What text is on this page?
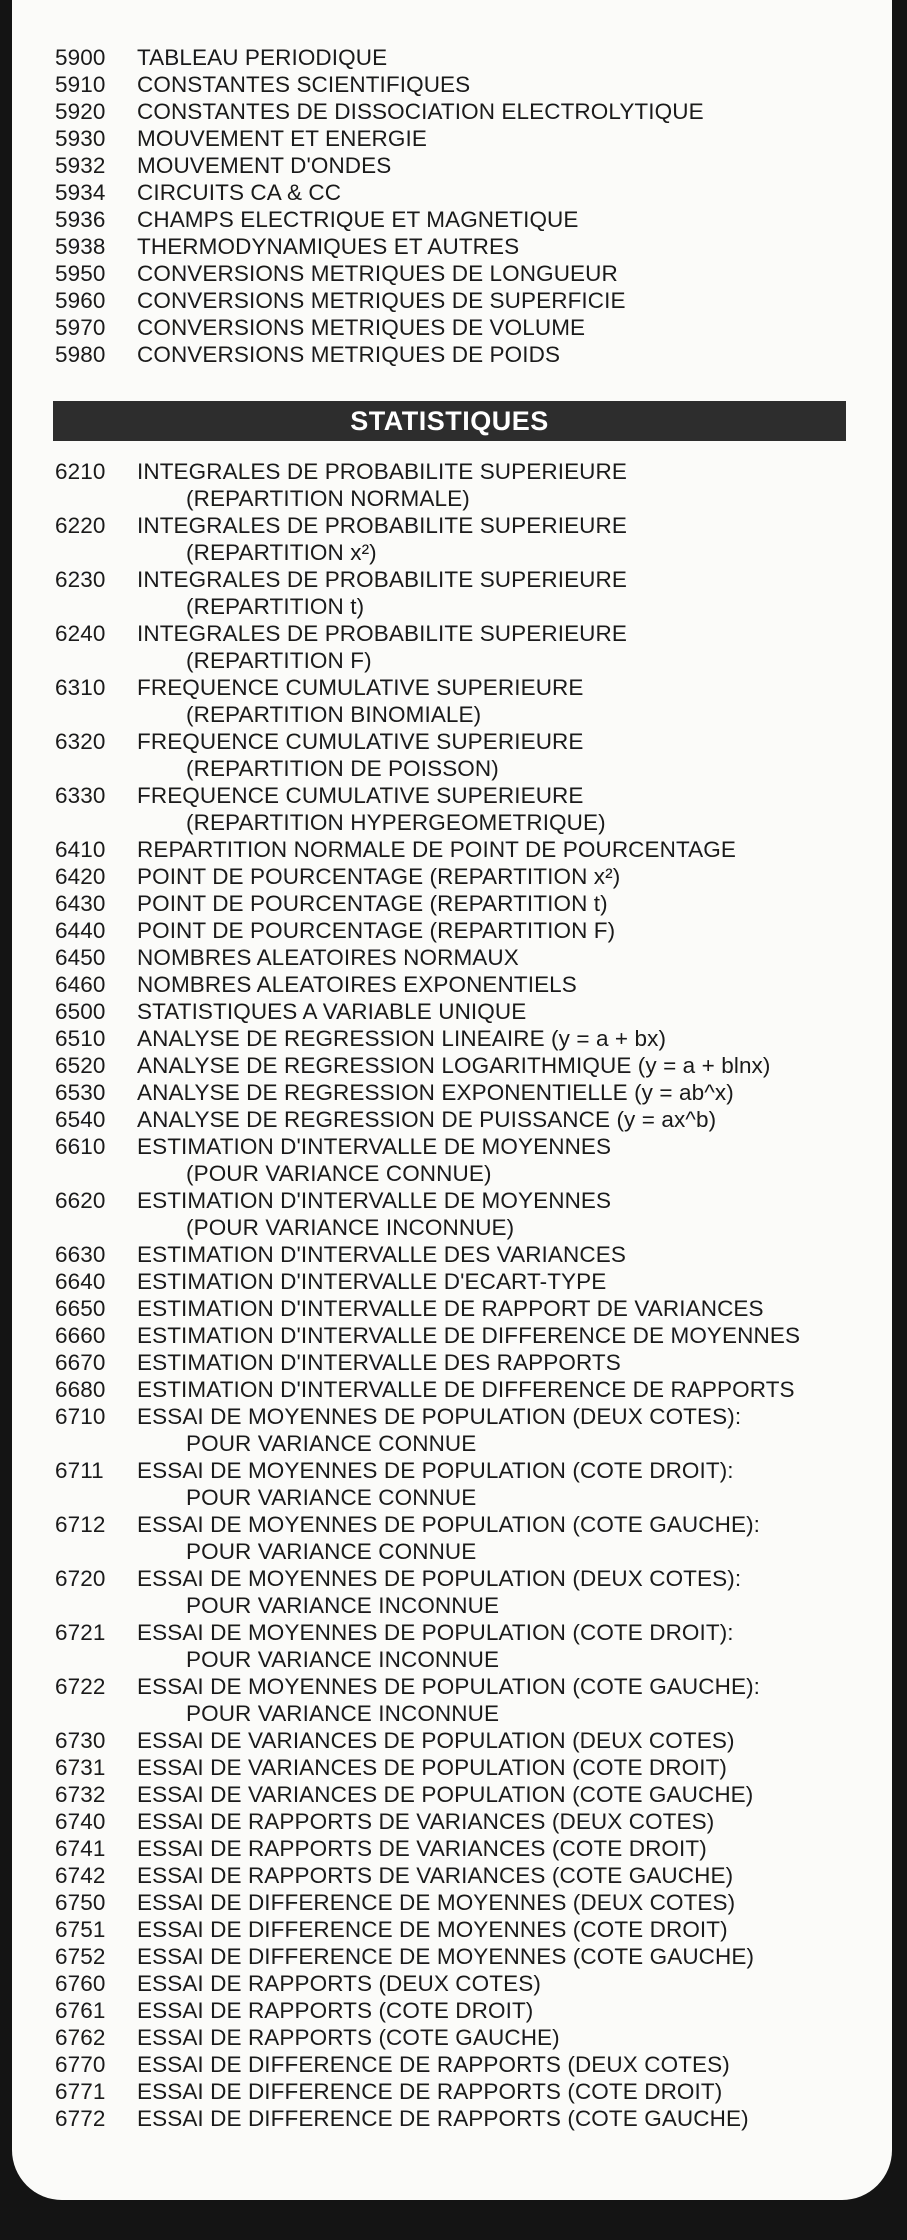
5900 TABLEAU PERIODIQUE
5910 CONSTANTES SCIENTIFIQUES
5920 CONSTANTES DE DISSOCIATION ELECTROLYTIQUE
5930 MOUVEMENT ET ENERGIE
5932 MOUVEMENT D'ONDES
5934 CIRCUITS CA & CC
5936 CHAMPS ELECTRIQUE ET MAGNETIQUE
5938 THERMODYNAMIQUES ET AUTRES
5950 CONVERSIONS METRIQUES DE LONGUEUR
5960 CONVERSIONS METRIQUES DE SUPERFICIE
5970 CONVERSIONS METRIQUES DE VOLUME
5980 CONVERSIONS METRIQUES DE POIDS
STATISTIQUES
6210 INTEGRALES DE PROBABILITE SUPERIEURE
(REPARTITION NORMALE)
6220 INTEGRALES DE PROBABILITE SUPERIEURE
(REPARTITION x²)
6230 INTEGRALES DE PROBABILITE SUPERIEURE
(REPARTITION t)
6240 INTEGRALES DE PROBABILITE SUPERIEURE
(REPARTITION F)
6310 FREQUENCE CUMULATIVE SUPERIEURE
(REPARTITION BINOMIALE)
6320 FREQUENCE CUMULATIVE SUPERIEURE
(REPARTITION DE POISSON)
6330 FREQUENCE CUMULATIVE SUPERIEURE
(REPARTITION HYPERGEOMETRIQUE)
6410 REPARTITION NORMALE DE POINT DE POURCENTAGE
6420 POINT DE POURCENTAGE (REPARTITION x²)
6430 POINT DE POURCENTAGE (REPARTITION t)
6440 POINT DE POURCENTAGE (REPARTITION F)
6450 NOMBRES ALEATOIRES NORMAUX
6460 NOMBRES ALEATOIRES EXPONENTIELS
6500 STATISTIQUES A VARIABLE UNIQUE
6510 ANALYSE DE REGRESSION LINEAIRE (y = a + bx)
6520 ANALYSE DE REGRESSION LOGARITHMIQUE (y = a + blnx)
6530 ANALYSE DE REGRESSION EXPONENTIELLE (y = ab^x)
6540 ANALYSE DE REGRESSION DE PUISSANCE (y = ax^b)
6610 ESTIMATION D'INTERVALLE DE MOYENNES
(POUR VARIANCE CONNUE)
6620 ESTIMATION D'INTERVALLE DE MOYENNES
(POUR VARIANCE INCONNUE)
6630 ESTIMATION D'INTERVALLE DES VARIANCES
6640 ESTIMATION D'INTERVALLE D'ECART-TYPE
6650 ESTIMATION D'INTERVALLE DE RAPPORT DE VARIANCES
6660 ESTIMATION D'INTERVALLE DE DIFFERENCE DE MOYENNES
6670 ESTIMATION D'INTERVALLE DES RAPPORTS
6680 ESTIMATION D'INTERVALLE DE DIFFERENCE DE RAPPORTS
6710 ESSAI DE MOYENNES DE POPULATION (DEUX COTES):
POUR VARIANCE CONNUE
6711 ESSAI DE MOYENNES DE POPULATION (COTE DROIT):
POUR VARIANCE CONNUE
6712 ESSAI DE MOYENNES DE POPULATION (COTE GAUCHE):
POUR VARIANCE CONNUE
6720 ESSAI DE MOYENNES DE POPULATION (DEUX COTES):
POUR VARIANCE INCONNUE
6721 ESSAI DE MOYENNES DE POPULATION (COTE DROIT):
POUR VARIANCE INCONNUE
6722 ESSAI DE MOYENNES DE POPULATION (COTE GAUCHE):
POUR VARIANCE INCONNUE
6730 ESSAI DE VARIANCES DE POPULATION (DEUX COTES)
6731 ESSAI DE VARIANCES DE POPULATION (COTE DROIT)
6732 ESSAI DE VARIANCES DE POPULATION (COTE GAUCHE)
6740 ESSAI DE RAPPORTS DE VARIANCES (DEUX COTES)
6741 ESSAI DE RAPPORTS DE VARIANCES (COTE DROIT)
6742 ESSAI DE RAPPORTS DE VARIANCES (COTE GAUCHE)
6750 ESSAI DE DIFFERENCE DE MOYENNES (DEUX COTES)
6751 ESSAI DE DIFFERENCE DE MOYENNES (COTE DROIT)
6752 ESSAI DE DIFFERENCE DE MOYENNES (COTE GAUCHE)
6760 ESSAI DE RAPPORTS (DEUX COTES)
6761 ESSAI DE RAPPORTS (COTE DROIT)
6762 ESSAI DE RAPPORTS (COTE GAUCHE)
6770 ESSAI DE DIFFERENCE DE RAPPORTS (DEUX COTES)
6771 ESSAI DE DIFFERENCE DE RAPPORTS (COTE DROIT)
6772 ESSAI DE DIFFERENCE DE RAPPORTS (COTE GAUCHE)
